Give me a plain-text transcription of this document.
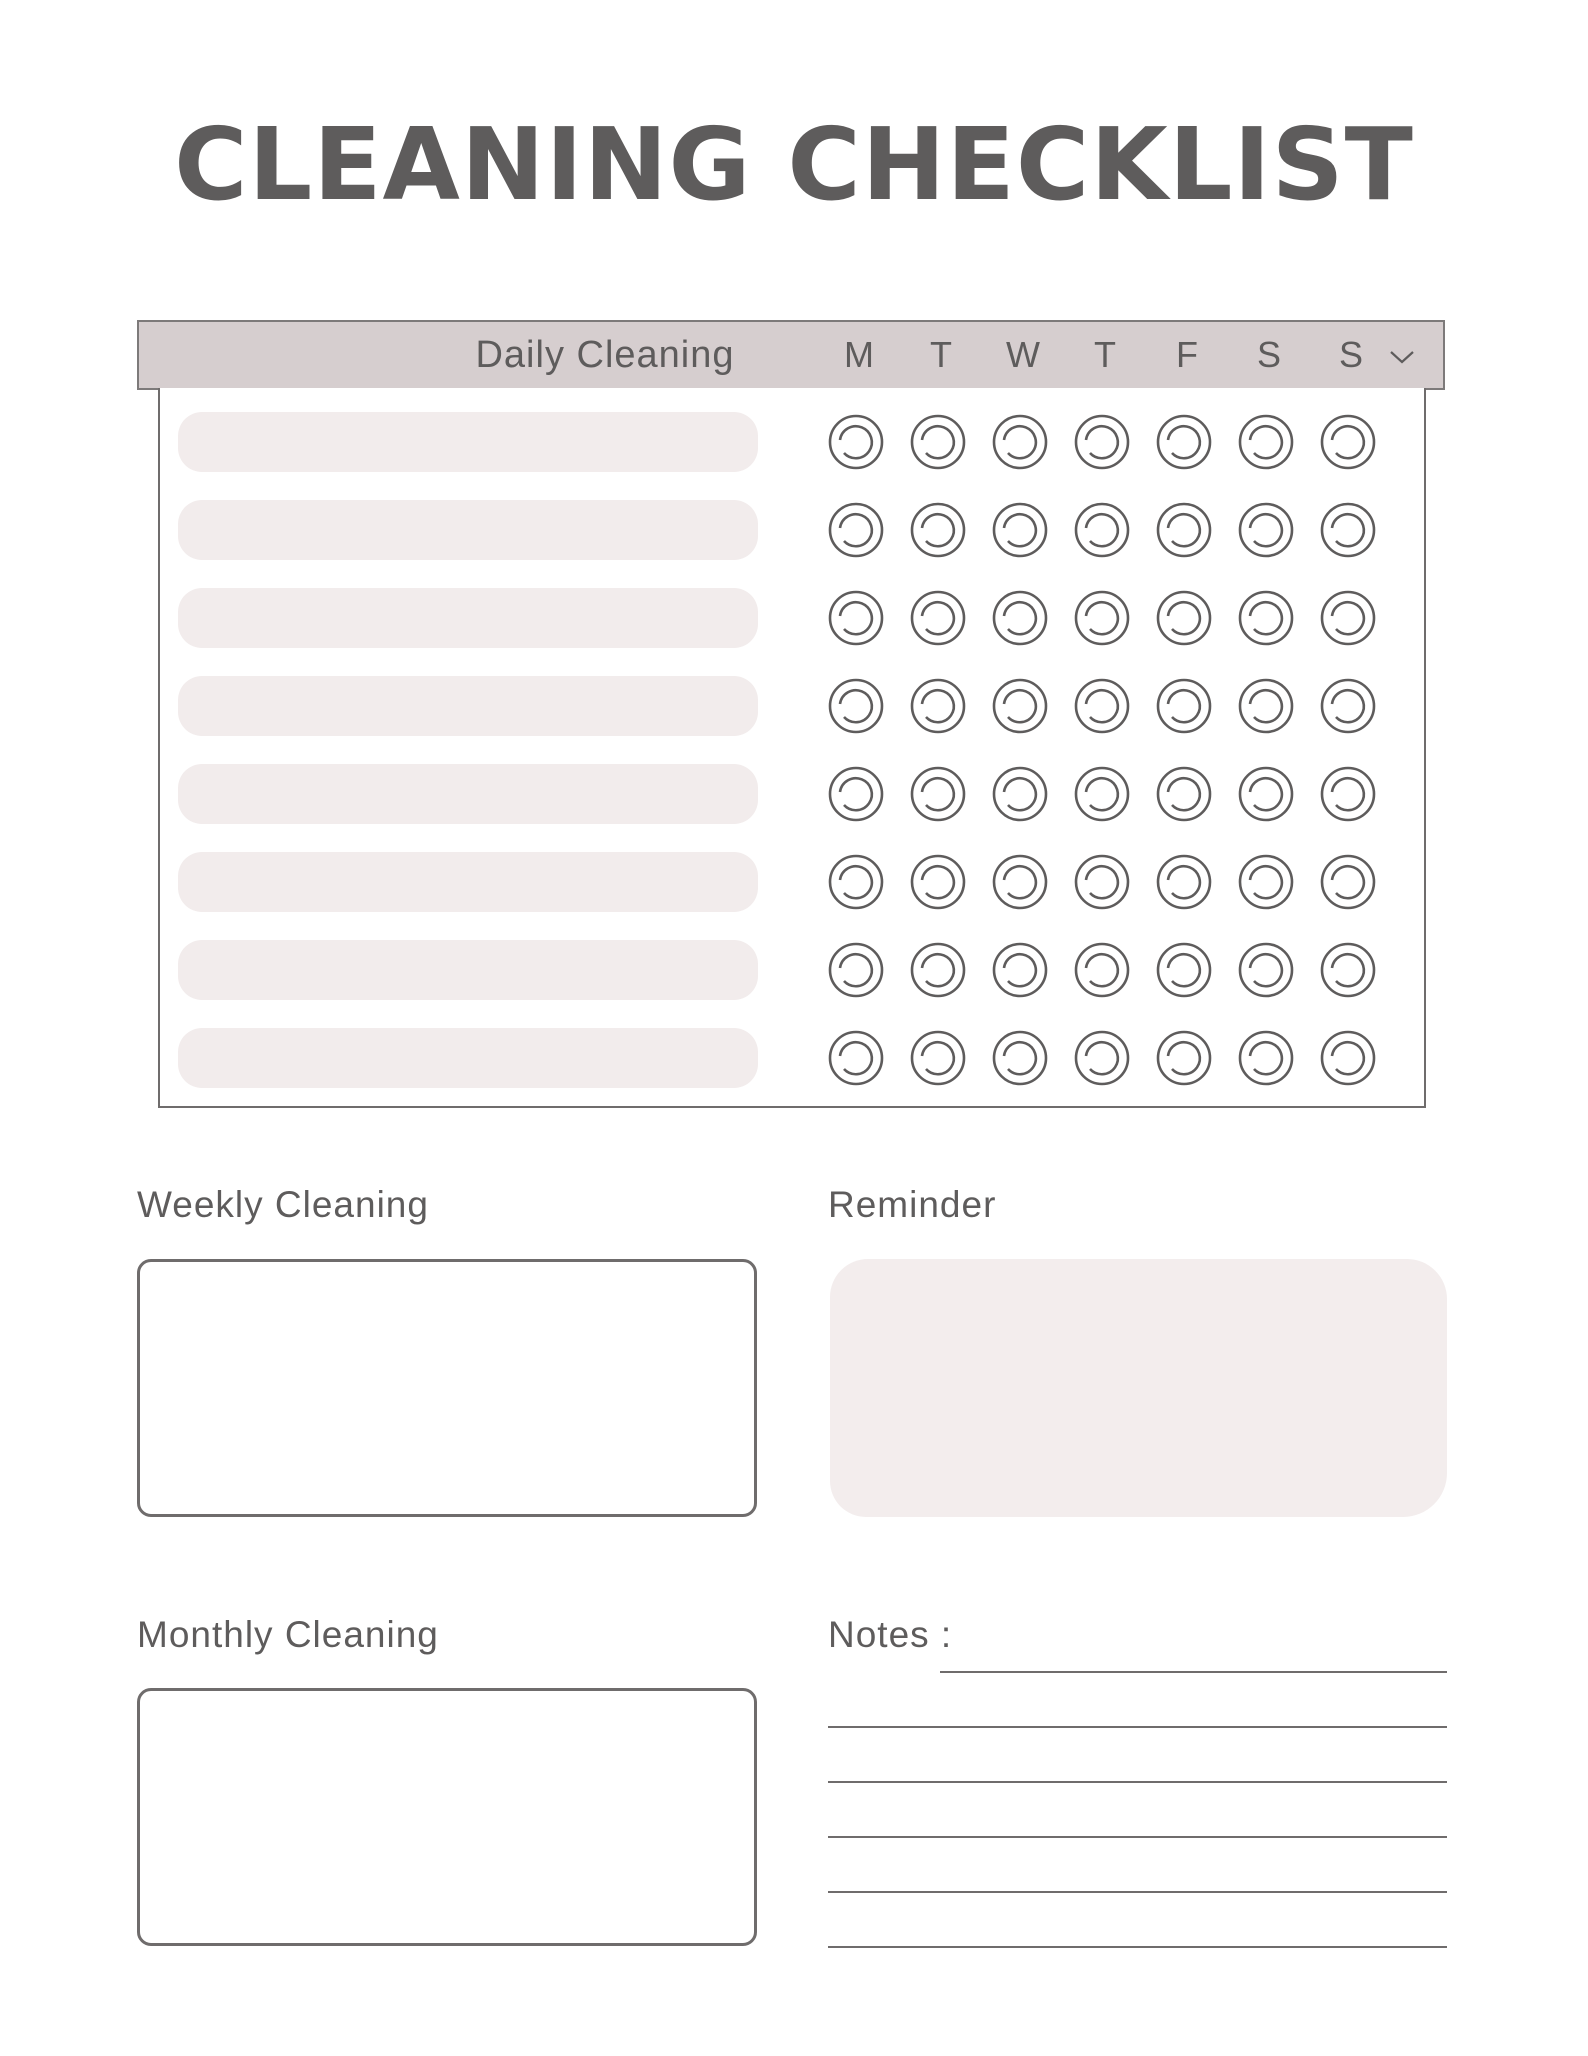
CLEANING CHECKLIST
Daily Cleaning	M	T	W	T	F	S	S
Weekly Cleaning	Reminder
Monthly Cleaning	Notes :
